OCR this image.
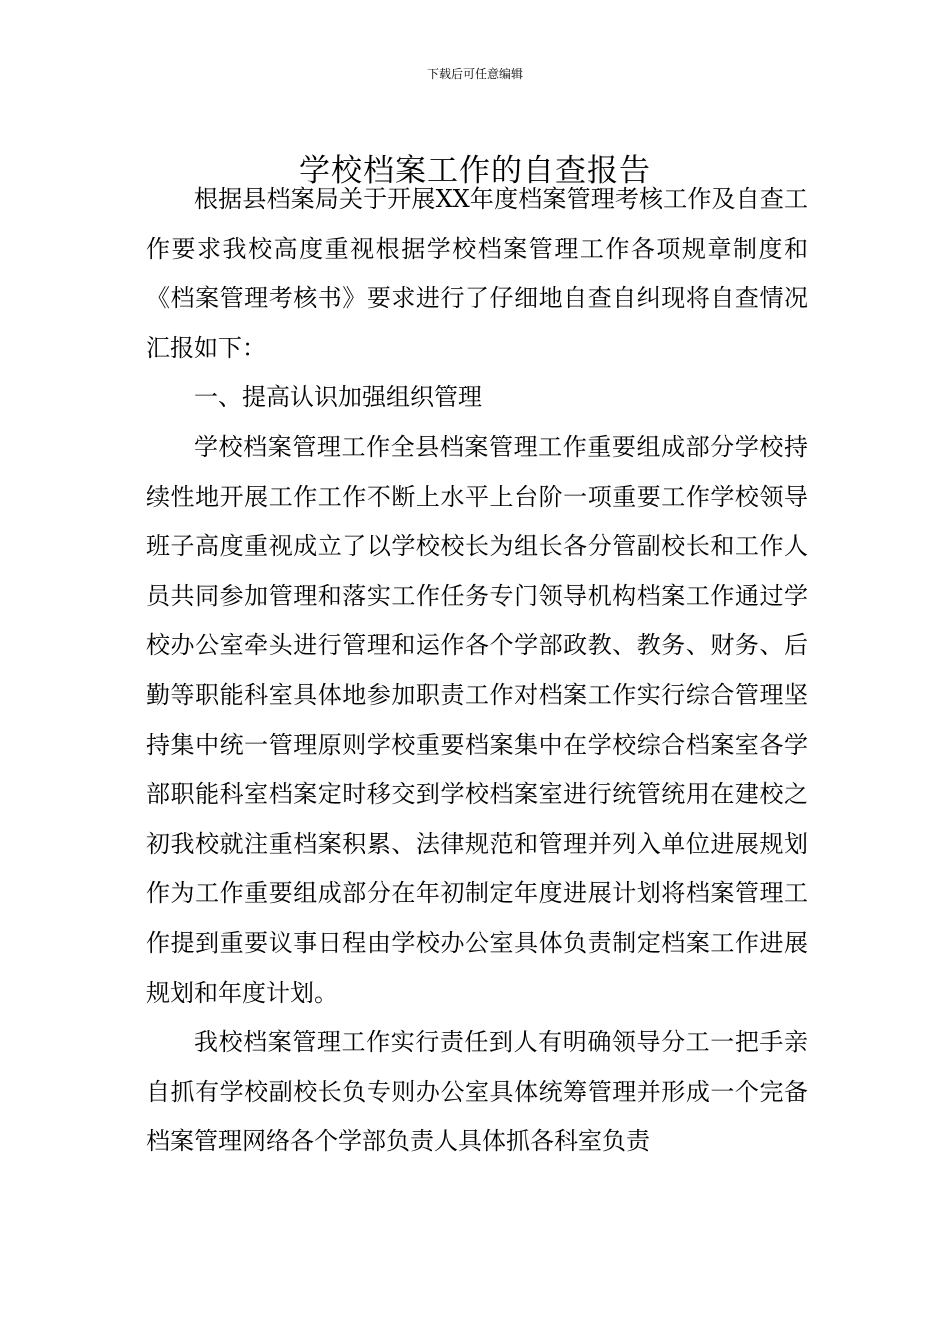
下载后可任意编辑
学校档案工作的自查报告

根据县档案局关于开展XX年度档案管理考核工作及自查工作要求我校高度重视根据学校档案管理工作各项规章制度和《档案管理考核书》要求进行了仔细地自查自纠现将自查情况汇报如下：

一、提高认识加强组织管理

学校档案管理工作全县档案管理工作重要组成部分学校持续性地开展工作工作不断上水平上台阶一项重要工作学校领导班子高度重视成立了以学校校长为组长各分管副校长和工作人员共同参加管理和落实工作任务专门领导机构档案工作通过学校办公室牵头进行管理和运作各个学部政教、教务、财务、后勤等职能科室具体地参加职责工作对档案工作实行综合管理坚持集中统一管理原则学校重要档案集中在学校综合档案室各学部职能科室档案定时移交到学校档案室进行统管统用在建校之初我校就注重档案积累、法律规范和管理并列入单位进展规划作为工作重要组成部分在年初制定年度进展计划将档案管理工作提到重要议事日程由学校办公室具体负责制定档案工作进展规划和年度计划。

我校档案管理工作实行责任到人有明确领导分工一把手亲自抓有学校副校长负专则办公室具体统筹管理并形成一个完备档案管理网络各个学部负责人具体抓各科室负责
